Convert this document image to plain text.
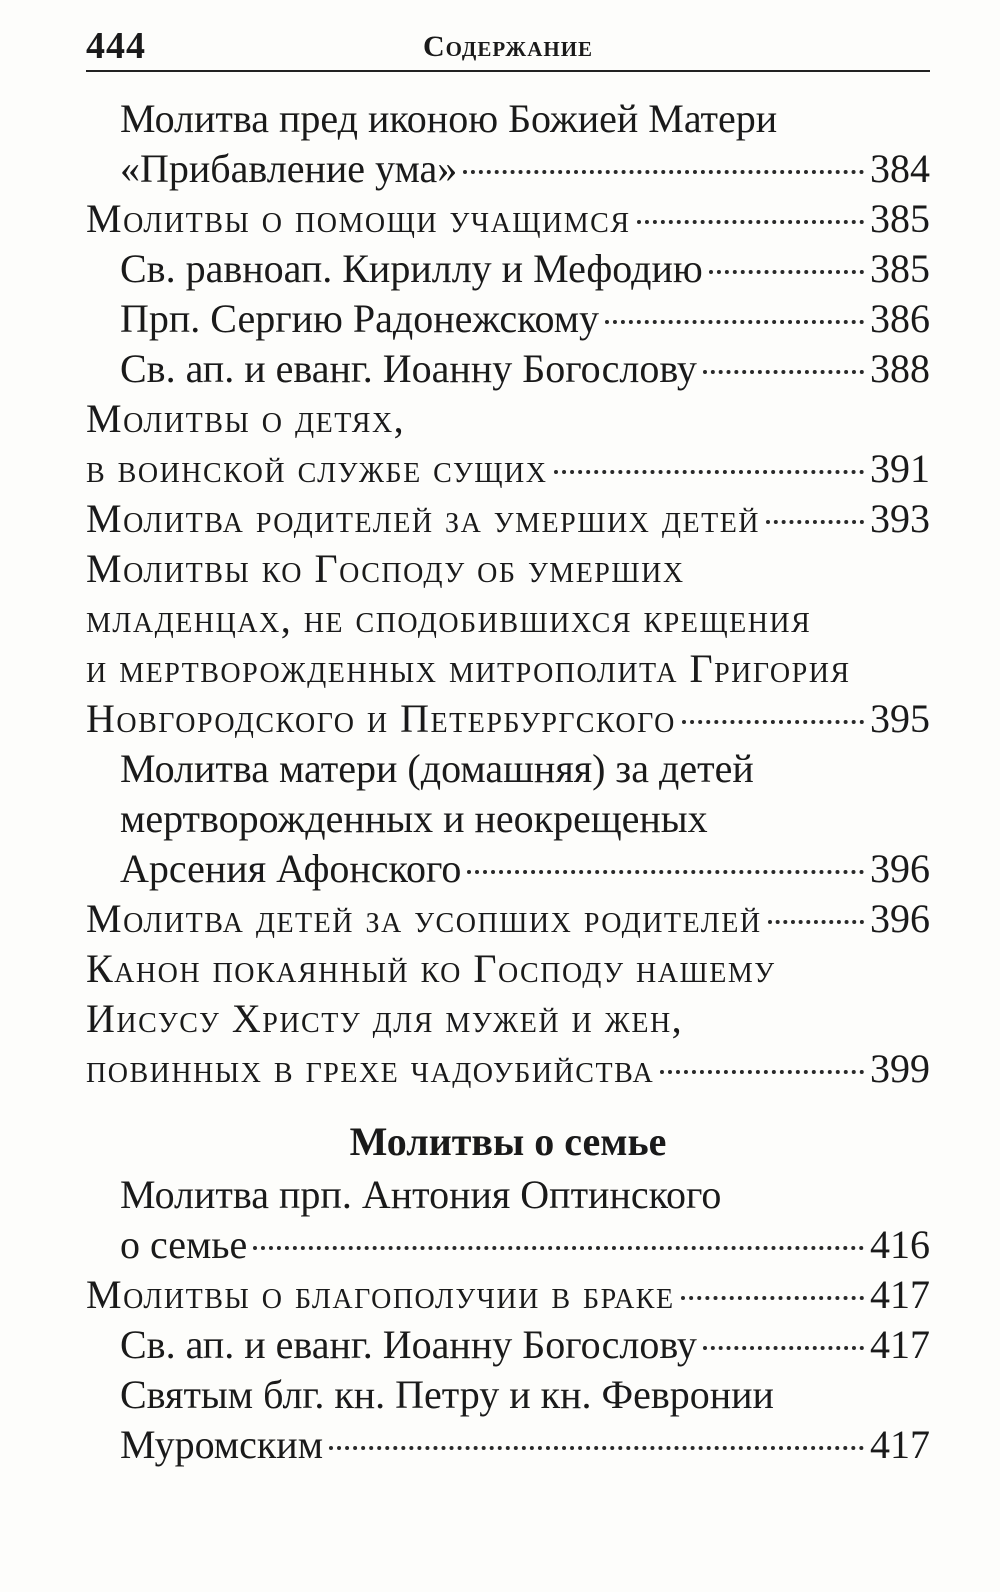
444	Содержание
Молитва пред иконою Божией Матери
«Прибавление ума»	384
Молитвы о помощи учащимся	385
Св. равноап. Кириллу и Мефодию	385
Прп. Сергию Радонежскому	386
Св. ап. и еванг. Иоанну Богослову	388
Молитвы о детях,
в воинской службе сущих	391
Молитва родителей за умерших детей	393
Молитвы ко Господу об умерших
младенцах, не сподобившихся крещения
и мертворожденных митрополита Григория
Новгородского и Петербургского	395
Молитва матери (домашняя) за детей
мертворожденных и неокрещеных
Арсения Афонского	396
Молитва детей за усопших родителей	396
Канон покаянный ко Господу нашему
Иисусу Христу для мужей и жен,
повинных в грехе чадоубийства	399
Молитвы о семье
Молитва прп. Антония Оптинского
о семье	416
Молитвы о благополучии в браке	417
Св. ап. и еванг. Иоанну Богослову	417
Святым блг. кн. Петру и кн. Февронии
Муромским	417
